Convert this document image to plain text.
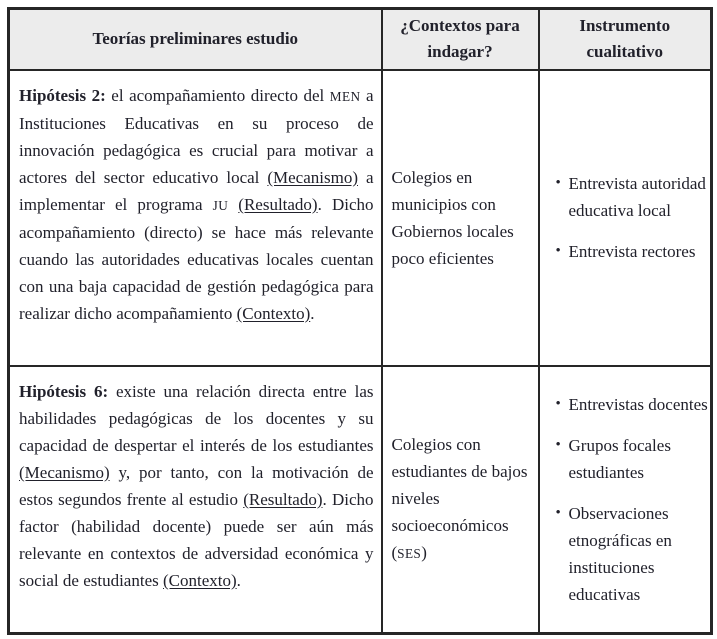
Teorías preliminares estudio	¿Contextos para indagar?	Instrumento cualitativo
Hipótesis 2: el acompañamiento directo del MEN a Instituciones Educativas en su proceso de innovación pedagógica es crucial para motivar a actores del sector educativo local (Mecanismo) a implementar el programa JU (Resultado). Dicho acompañamiento (directo) se hace más relevante cuando las autoridades educativas locales cuentan con una baja capacidad de gestión pedagógica para realizar dicho acompañamiento (Contexto).	Colegios en municipios con Gobiernos locales poco eficientes	
• Entrevista autoridad educativa local
• Entrevista rectores

Hipótesis 6: existe una relación directa entre las habilidades pedagógicas de los docentes y su capacidad de despertar el interés de los estudiantes (Mecanismo) y, por tanto, con la motivación de estos segundos frente al estudio (Resultado). Dicho factor (habilidad docente) puede ser aún más relevante en contextos de adversidad económica y social de estudiantes (Contexto).	Colegios con estudiantes de bajos niveles socioeconómicos (SES)	
• Entrevistas docentes
• Grupos focales estudiantes
• Observaciones etnográficas en instituciones educativas
